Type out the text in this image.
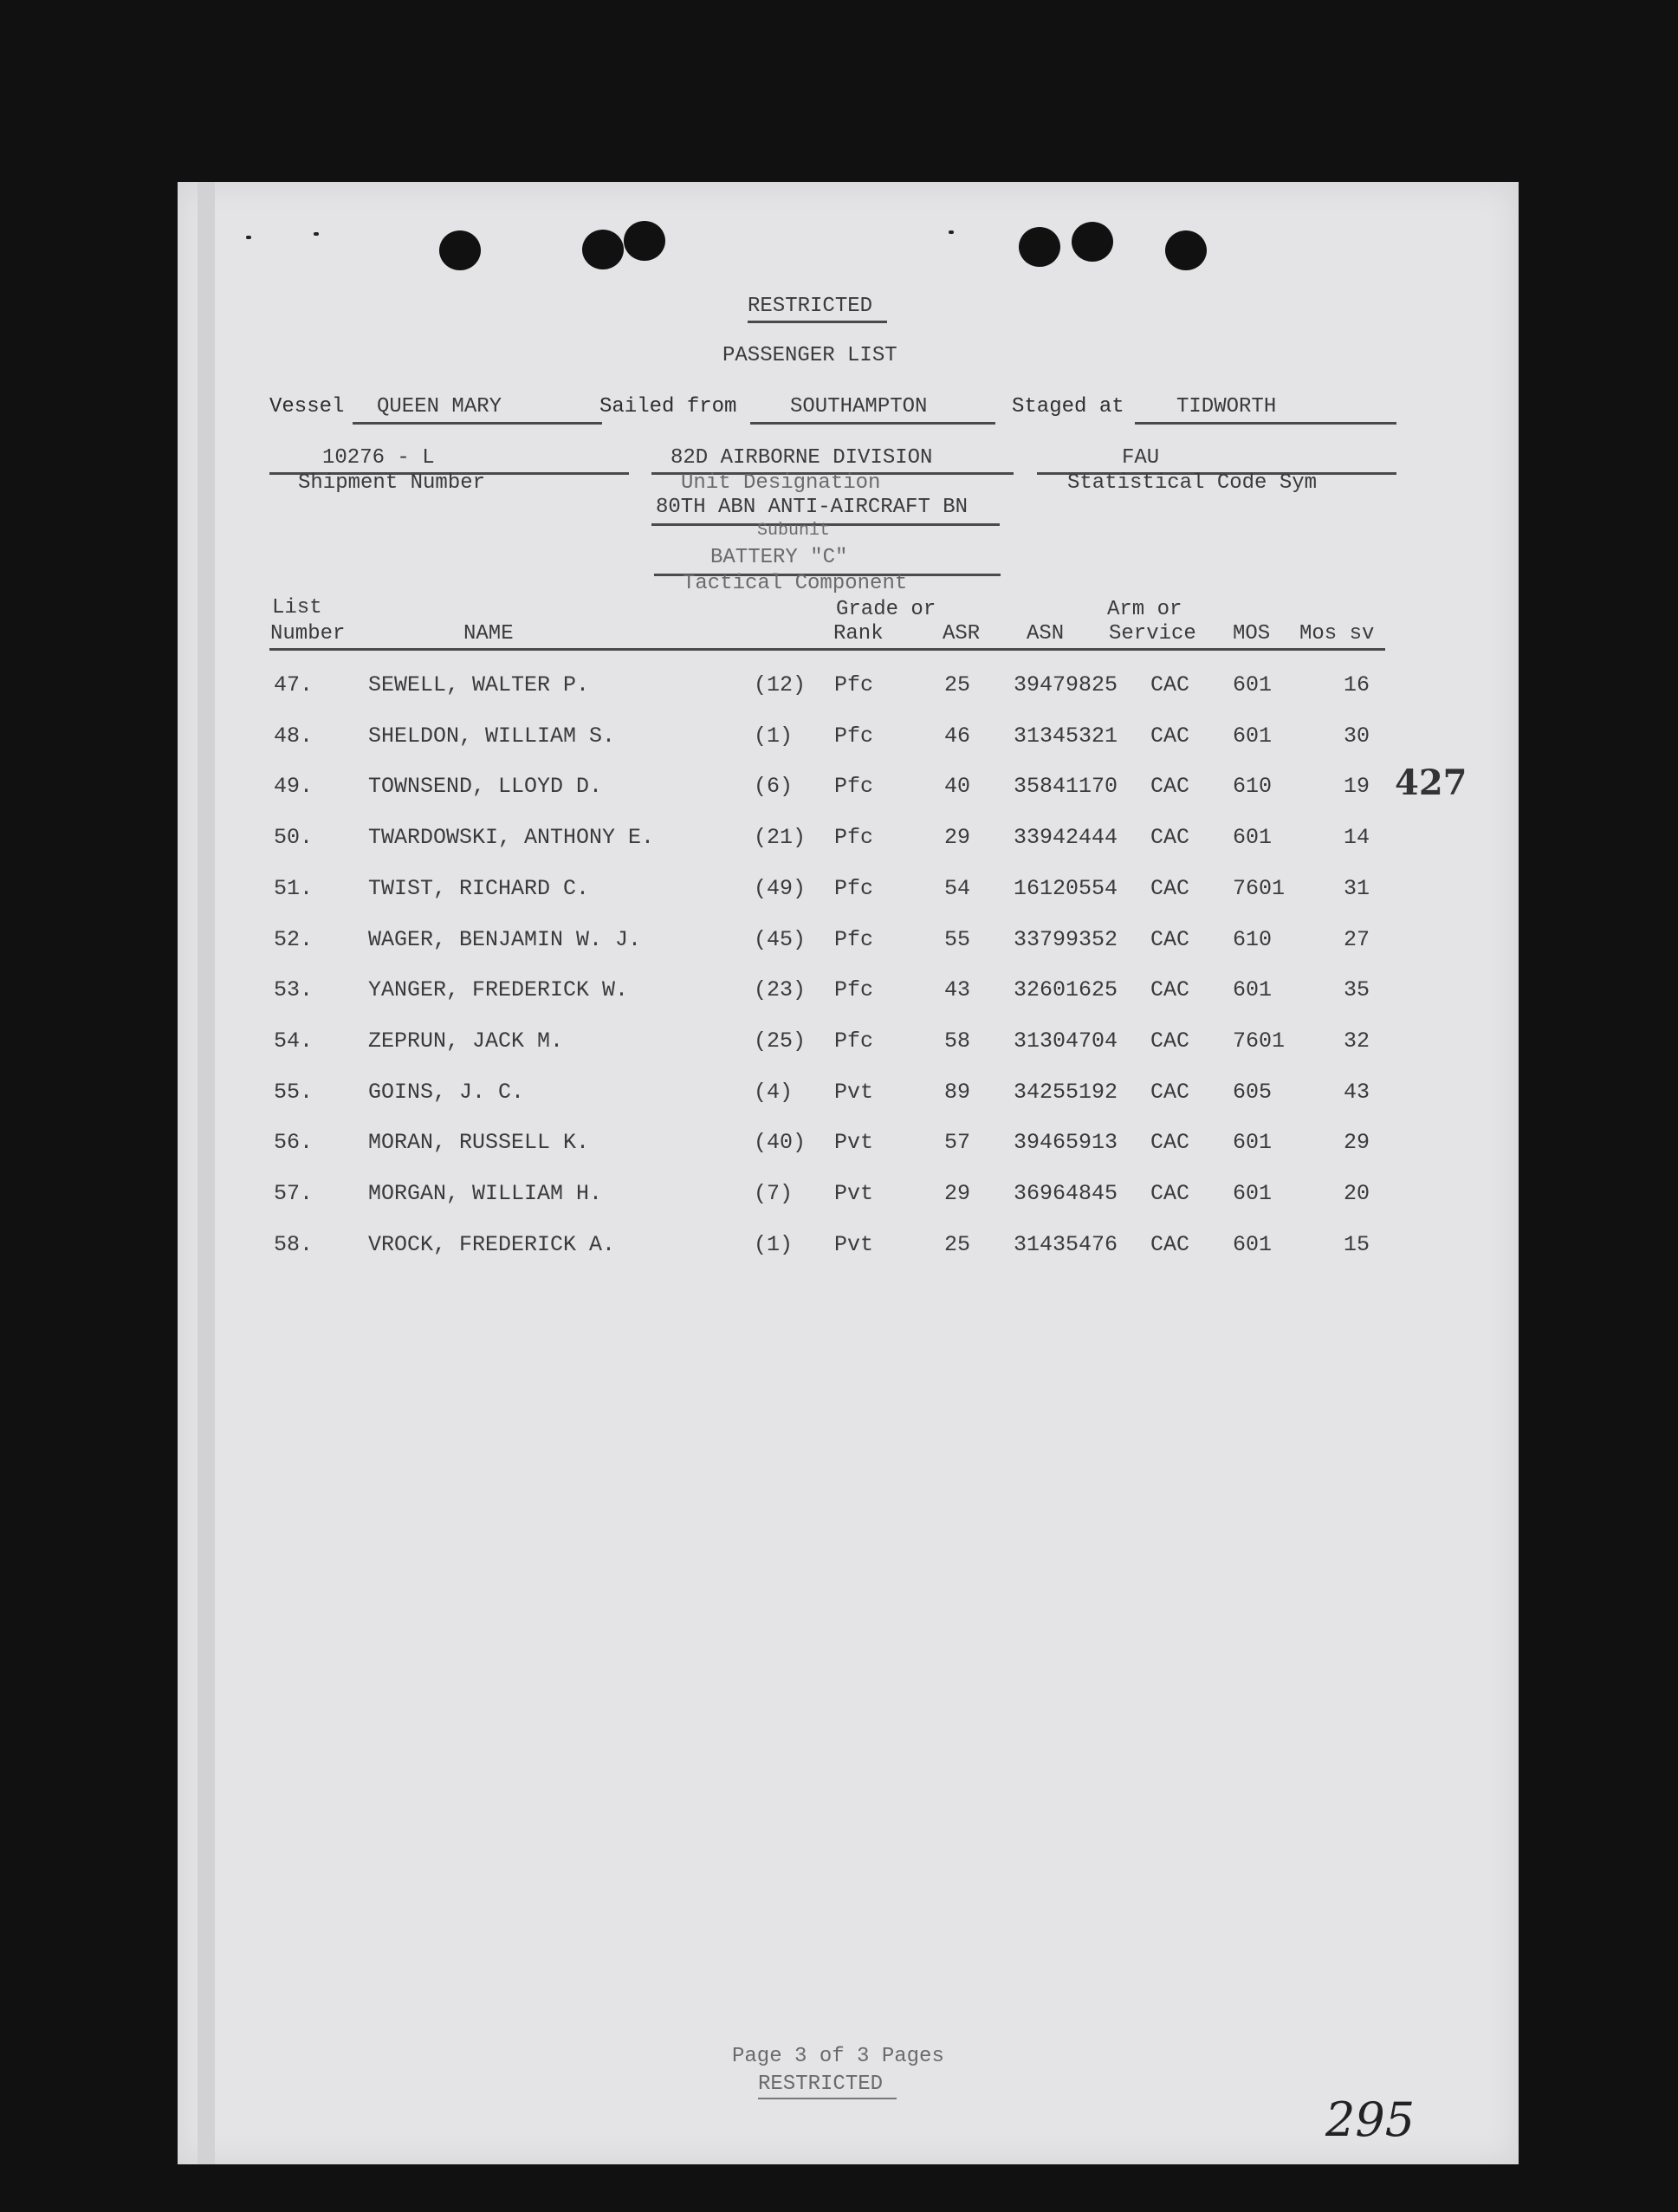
RESTRICTED
PASSENGER LIST
Vessel QUEEN MARY	Sailed from	SOUTHAMPTON	Staged at	TIDWORTH
10276 - L
Shipment Number
82D AIRBORNE DIVISION
Unit Designation
80TH ABN ANTI-AIRCRAFT BN
Subunit
BATTERY "C"
Tactical Component
FAU
Statistical Code Sym
List
Number	NAME
Grade or
Rank	ASR ASN
Arm or
Service MOS Mos sv
47.	SEWELL, WALTER P.	(12) Pfc	25 39479825 CAC 601	16
48.	SHELDON, WILLIAM S.	(1) Pfc	46 31345321 CAC 601	30
49.	TOWNSEND, LLOYD D.	(6) Pfc	40 35841170 CAC 610	19
50.	TWARDOWSKI, ANTHONY E.	(21) Pfc	29 33942444 CAC 601	14
51.	TWIST, RICHARD C.	(49) Pfc	54 16120554 CAC 7601	31
52.	WAGER, BENJAMIN W. J.	(45) Pfc	55 33799352 CAC 610	27
53.	YANGER, FREDERICK W.	(23) Pfc	43 32601625 CAC 601	35
54.	ZEPRUN, JACK M.	(25) Pfc	58 31304704 CAC 7601	32
55.	GOINS, J. C.	(4) Pvt	89 34255192 CAC 605	43
56.	MORAN, RUSSELL K.	(40) Pvt	57 39465913 CAC 601	29
57.	MORGAN, WILLIAM H.	(7) Pvt	29 36964845 CAC 601	20
58.	VROCK, FREDERICK A.	(1) Pvt	25 31435476 CAC 601	15
427
Page 3 of 3 Pages
RESTRICTED
295
